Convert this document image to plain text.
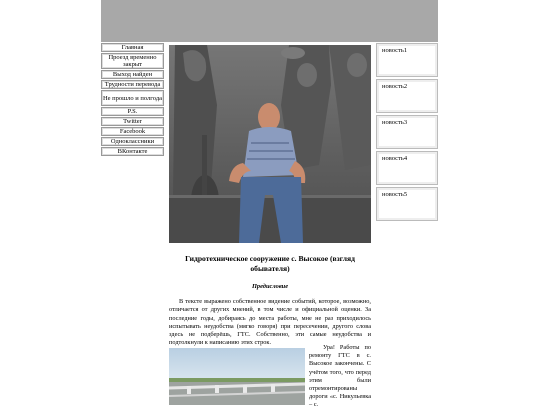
Главная
Проезд временно закрыт
Выход найден
Трудности перевода
Не прошло и полгода
P.S.
Twitter
Facebook
Одноклассники
ВКонтакте
новость1
новость2
новость3
новость4
новость5
Гидротехническое сооружение с. Высокое (взгляд обывателя)
Предисловие

В тексте выражено собственное видение событий, которое, возможно, отличается от других мнений, в том числе и официальной оценки. За последние годы, добираясь до места работы, мне не раз приходилось испытывать неудобства (мягко говоря) при пересечении, другого слова здесь не подберёшь, ГТС. Собственно, эти самые неудобства и подтолкнули к написанию этих строк.

Ура! Работы по ремонту ГТС в с. Высокое закончены. С учётом того, что перед этим были отремонтированы дороги «с. Никульевка – с.
